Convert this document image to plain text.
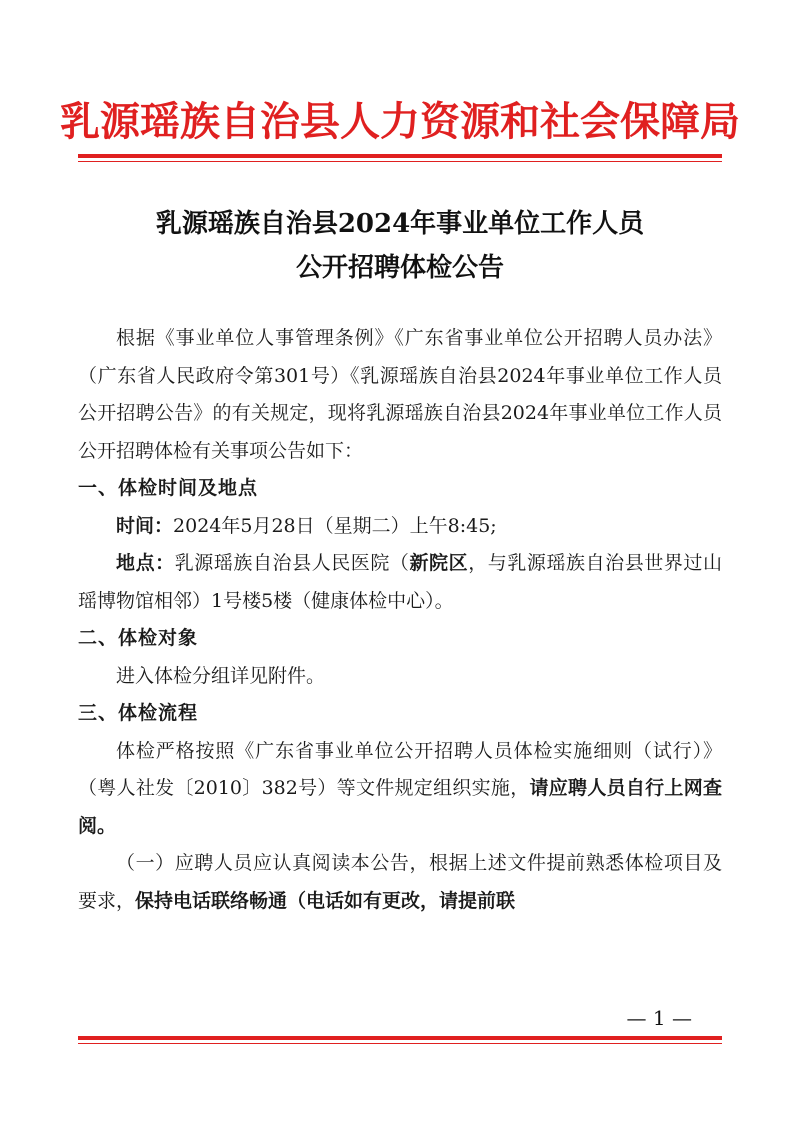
乳源瑶族自治县人力资源和社会保障局
乳源瑶族自治县2024年事业单位工作人员
公开招聘体检公告

根据《事业单位人事管理条例》《广东省事业单位公开招聘人员办法》（广东省人民政府令第301号）《乳源瑶族自治县2024年事业单位工作人员公开招聘公告》的有关规定，现将乳源瑶族自治县2024年事业单位工作人员公开招聘体检有关事项公告如下：

一、体检时间及地点

时间：2024年5月28日（星期二）上午8:45;

地点：乳源瑶族自治县人民医院（新院区，与乳源瑶族自治县世界过山瑶博物馆相邻）1号楼5楼（健康体检中心）。

二、体检对象

进入体检分组详见附件。

三、体检流程

体检严格按照《广东省事业单位公开招聘人员体检实施细则（试行）》（粤人社发〔2010〕382号）等文件规定组织实施，请应聘人员自行上网查阅。

（一）应聘人员应认真阅读本公告，根据上述文件提前熟悉体检项目及要求，保持电话联络畅通（电话如有更改，请提前联

— 1 —
